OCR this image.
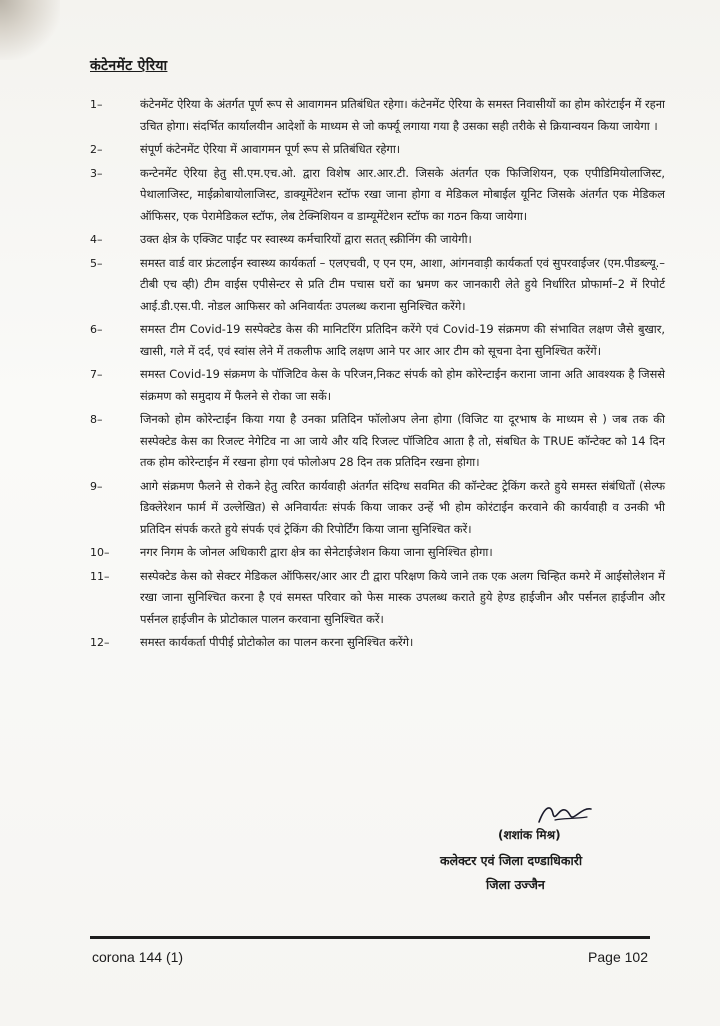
कंटेनमेंट ऐरिया
1–	कंटेनमेंट ऐरिया के अंतर्गत पूर्ण रूप से आवागमन प्रतिबंधित रहेगा। कंटेनमेंट ऐरिया के समस्त निवासीयों का होम कोरंटाईन में रहना उचित होगा। संदर्भित कार्यालयीन आदेशों के माध्यम से जो कर्फ्यू लगाया गया है उसका सही तरीके से क्रियान्वयन किया जायेगा ।
2–	संपूर्ण कंटेनमेंट ऐरिया में आवागमन पूर्ण रूप से प्रतिबंधित रहेगा।
3–	कन्टेनमेंट ऐरिया हेतु सी.एम.एच.ओ. द्वारा विशेष आर.आर.टी. जिसके अंतर्गत एक फिजिशियन, एक एपीडिमियोलाजिस्ट, पेथालाजिस्ट, माईक्रोबायोलाजिस्ट, डाक्यूमेंटेशन स्टॉफ रखा जाना होगा व मेडिकल मोबाईल यूनिट जिसके अंतर्गत एक मेडिकल ऑफिसर, एक पेरामेडिकल स्टॉफ, लेब टेक्निशियन व डाम्यूमेंटेशन स्टॉफ का गठन किया जायेगा।
4–	उक्त क्षेत्र के एक्जिट पाईंट पर स्वास्थ्य कर्मचारियों द्वारा सतत् स्क्रीनिंग की जायेगी।
5–	समस्त वार्ड वार फ्रंटलाईन स्वास्थ्य कार्यकर्ता – एलएचवी, ए एन एम, आशा, आंगनवाड़ी कार्यकर्ता एवं सुपरवाईजर (एम.पीडब्ल्यू.–टीबी एच व्ही) टीम वाईस एपीसेन्टर से प्रति टीम पचास घरों का भ्रमण कर जानकारी लेते हुये निर्धारित प्रोफार्मा–2 में रिपोर्ट आई.डी.एस.पी. नोडल आफिसर को अनिवार्यतः उपलब्ध कराना सुनिश्चित करेंगे।
6–	समस्त टीम Covid-19 सस्पेक्टेड केस की मानिटरिंग प्रतिदिन करेंगे एवं Covid-19 संक्रमण की संभावित लक्षण जैसे बुखार, खासी, गले में दर्द, एवं स्वांस लेने में तकलीफ आदि लक्षण आने पर आर आर टीम को सूचना देना सुनिश्चित करेंगें।
7–	समस्त Covid-19 संक्रमण के पॉजिटिव केस के परिजन,निकट संपर्क को होम कोरेन्टाईन कराना जाना अति आवश्यक है जिससे संक्रमण को समुदाय में फैलने से रोका जा सकें।
8–	जिनको होम कोरेन्टाईन किया गया है उनका प्रतिदिन फॉलोअप लेना होगा (विजिट या दूरभाष के माध्यम से ) जब तक की सस्पेक्टेड केस का रिजल्ट नेगेटिव ना आ जाये और यदि रिजल्ट पॉजिटिव आता है तो, संबधित के TRUE कॉन्टेक्ट को 14 दिन तक होम कोरेन्टाईन में रखना होगा एवं फोलोअप 28 दिन तक प्रतिदिन रखना होगा।
9–	आगे संक्रमण फैलने से रोकने हेतु त्वरित कार्यवाही अंतर्गत संदिग्ध सवमित की कॉन्टेक्ट ट्रेकिंग करते हुये समस्त संबंधितों (सेल्फ डिक्लेरेशन फार्म में उल्लेखित) से अनिवार्यतः संपर्क किया जाकर उन्हें भी होम कोरंटाईन करवाने की कार्यवाही व उनकी भी प्रतिदिन संपर्क करते हुये संपर्क एवं ट्रेकिंग की रिपोर्टिंग किया जाना सुनिश्चित करें।
10–	नगर निगम के जोनल अधिकारी द्वारा क्षेत्र का सेनेटाईजेशन किया जाना सुनिश्चित होगा।
11–	सस्पेक्टेड केस को सेक्टर मेडिकल ऑफिसर/आर आर टी द्वारा परिक्षण किये जाने तक एक अलग चिन्हित कमरे में आईसोलेशन में रखा जाना सुनिश्चित करना है एवं समस्त परिवार को फेस मास्क उपलब्ध कराते हुये हेण्ड हाईजीन और पर्सनल हाईजीन और पर्सनल हाईजीन के प्रोटोकाल पालन करवाना सुनिश्चित करें।
12–	समस्त कार्यकर्ता पीपीई प्रोटोकोल का पालन करना सुनिश्चित करेंगे।
(शशांक मिश्र)
कलेक्टर एवं जिला दण्डाधिकारी
जिला उज्जैन
corona 144 (1)	Page 102
